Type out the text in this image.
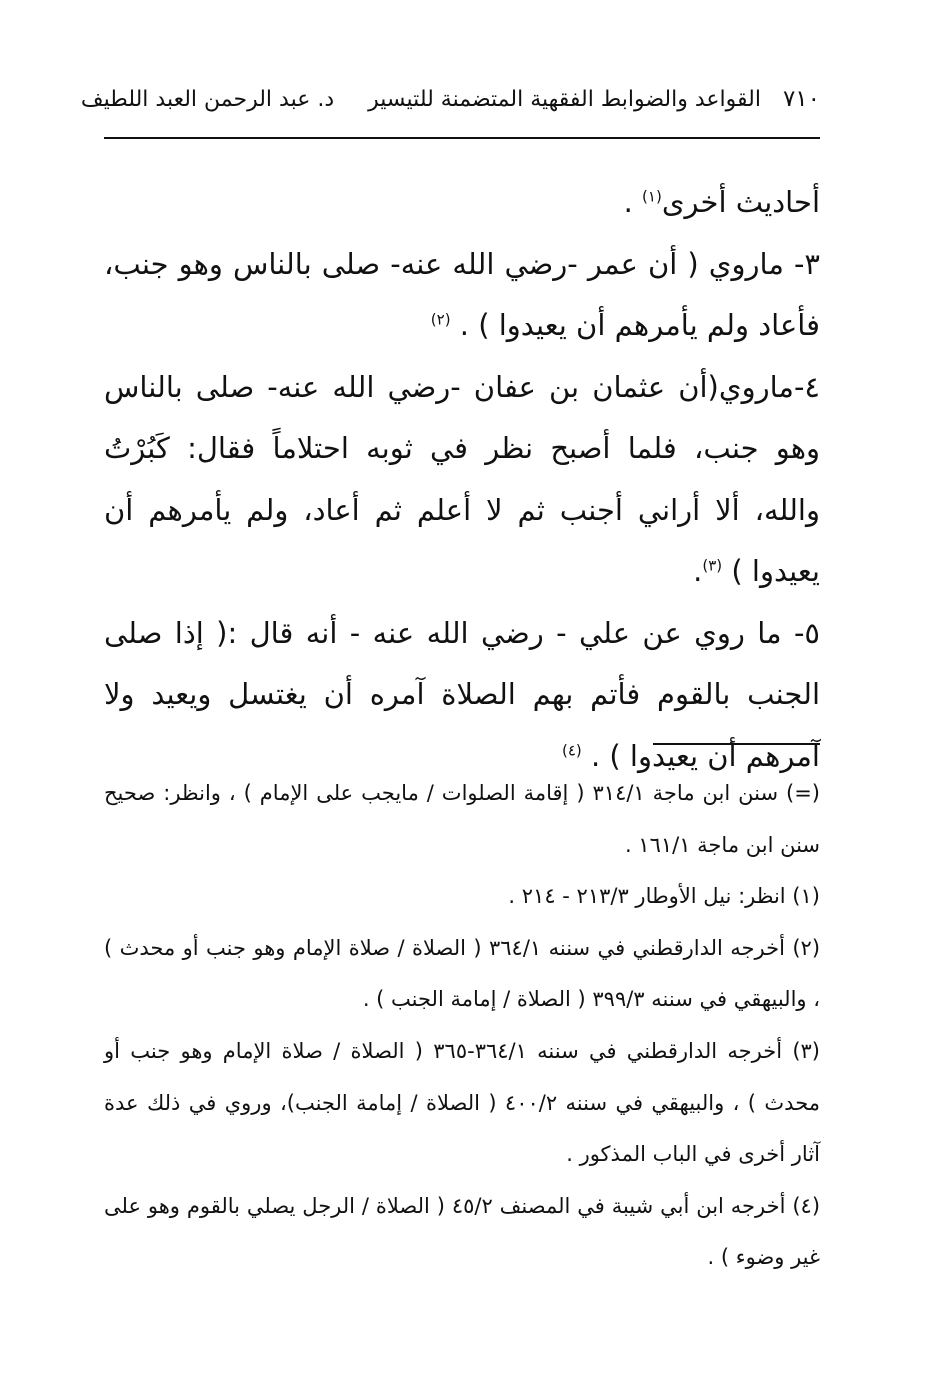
٧١٠
القواعد والضوابط الفقهية المتضمنة للتيسير
د. عبد الرحمن العبد اللطيف

أحاديث أخرى$^{(١)}$ .

٣- ماروي ( أن عمر -رضي الله عنه- صلى بالناس وهو جنب، فأعاد ولم يأمرهم أن يعيدوا ) . $^{(٢)}$

٤-ماروي(أن عثمان بن عفان -رضي الله عنه- صلى بالناس وهو جنب، فلما أصبح نظر في ثوبه احتلاماً فقال: كَبُرْتُ والله، ألا أراني أجنب ثم لا أعلم ثم أعاد، ولم يأمرهم أن يعيدوا ) $^{(٣)}$.

٥- ما روي عن علي - رضي الله عنه - أنه قال :( إذا صلى الجنب بالقوم فأتم بهم الصلاة آمره أن يغتسل ويعيد ولا آمرهم أن يعيدوا ) . $^{(٤)}$

(=) سنن ابن ماجة ٣١٤/١ ( إقامة الصلوات / مايجب على الإمام ) ، وانظر: صحيح سنن ابن ماجة ١٦١/١ .

(١) انظر: نيل الأوطار ٢١٣/٣ - ٢١٤ .

(٢) أخرجه الدارقطني في سننه ٣٦٤/١ ( الصلاة / صلاة الإمام وهو جنب أو محدث ) ، والبيهقي في سننه ٣٩٩/٣ ( الصلاة / إمامة الجنب ) .

(٣) أخرجه الدارقطني في سننه ٣٦٤/١-٣٦٥ ( الصلاة / صلاة الإمام وهو جنب أو محدث ) ، والبيهقي في سننه ٤٠٠/٢ ( الصلاة / إمامة الجنب)، وروي في ذلك عدة آثار أخرى في الباب المذكور .

(٤) أخرجه ابن أبي شيبة في المصنف ٤٥/٢ ( الصلاة / الرجل يصلي بالقوم وهو على غير وضوء ) .
